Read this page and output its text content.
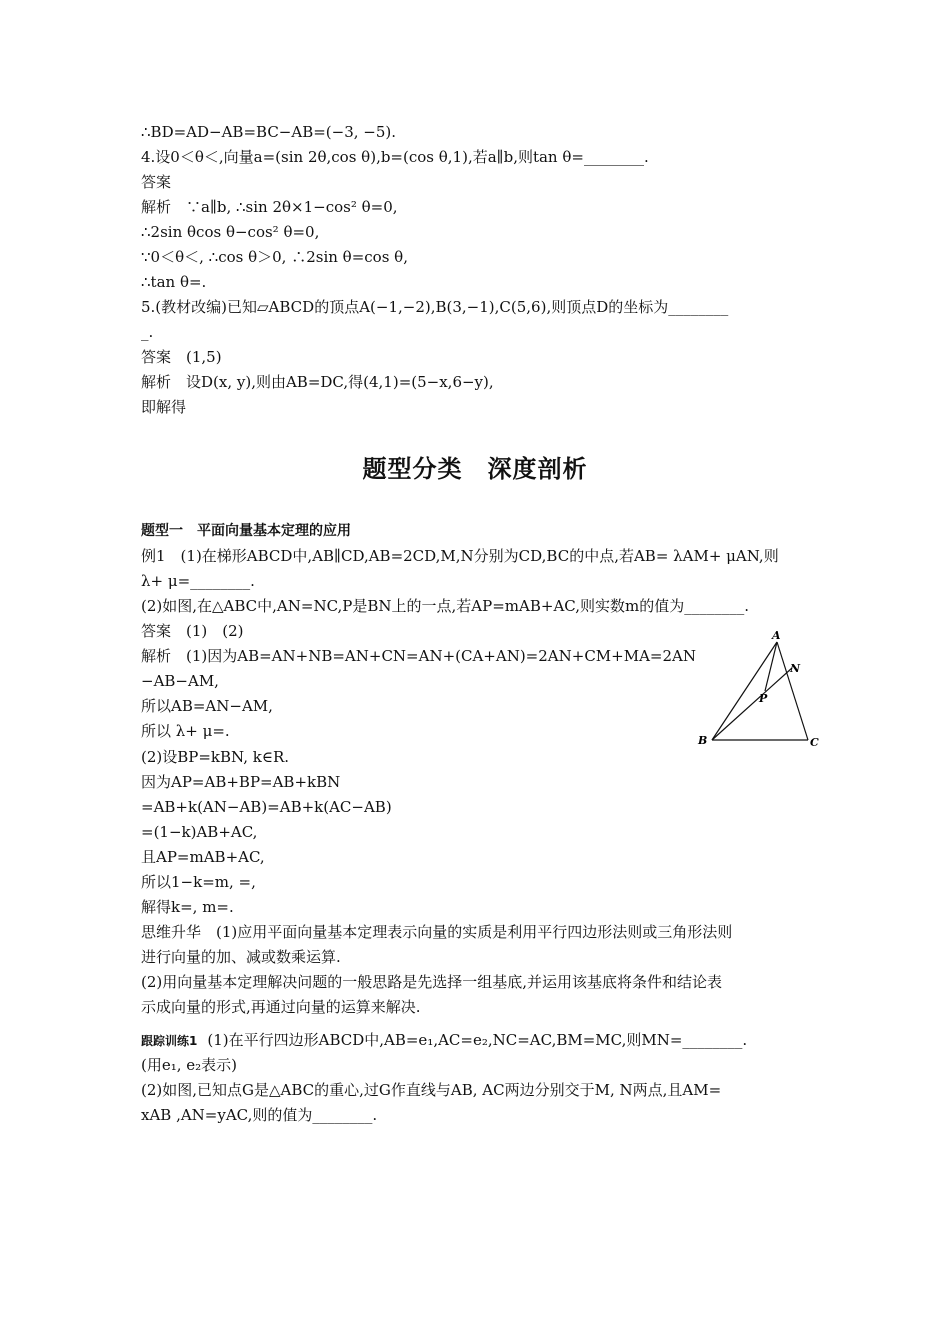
∴BD=AD−AB=BC−AB=(−3, −5).
4.设0＜θ＜,向量a=(sin 2θ,cos θ),b=(cos θ,1),若a∥b,则tan θ=________.
答案
解析　∵a∥b, ∴sin 2θ×1−cos² θ=0,
∴2sin θcos θ−cos² θ=0,
∵0＜θ＜, ∴cos θ＞0, ∴2sin θ=cos θ,
∴tan θ=.
5.(教材改编)已知▱ABCD的顶点A(−1,−2),B(3,−1),C(5,6),则顶点D的坐标为________
_.
答案　(1,5)
解析　设D(x, y),则由AB=DC,得(4,1)=(5−x,6−y),
即解得
题型分类　深度剖析
题型一　平面向量基本定理的应用
例1　(1)在梯形ABCD中,AB∥CD,AB=2CD,M,N分别为CD,BC的中点,若AB= λAM+ μAN,则
λ+ μ=________.
(2)如图,在△ABC中,AN=NC,P是BN上的一点,若AP=mAB+AC,则实数m的值为________.
答案　(1)　(2)
解析　(1)因为AB=AN+NB=AN+CN=AN+(CA+AN)=2AN+CM+MA=2AN
−AB−AM,
所以AB=AN−AM,
所以 λ+ μ=.
(2)设BP=kBN, k∈R.
因为AP=AB+BP=AB+kBN
=AB+k(AN−AB)=AB+k(AC−AB)
=(1−k)AB+AC,
且AP=mAB+AC,
所以1−k=m, =,
解得k=, m=.
思维升华　(1)应用平面向量基本定理表示向量的实质是利用平行四边形法则或三角形法则
进行向量的加、减或数乘运算.
(2)用向量基本定理解决问题的一般思路是先选择一组基底,并运用该基底将条件和结论表
示成向量的形式,再通过向量的运算来解决.
跟踪训练1 (1)在平行四边形ABCD中,AB=e₁,AC=e₂,NC=AC,BM=MC,则MN=________.
(用e₁, e₂表示)
(2)如图,已知点G是△ABC的重心,过G作直线与AB, AC两边分别交于M, N两点,且AM=
xAB ,AN=yAC,则的值为________.
A
B	C
N
P
